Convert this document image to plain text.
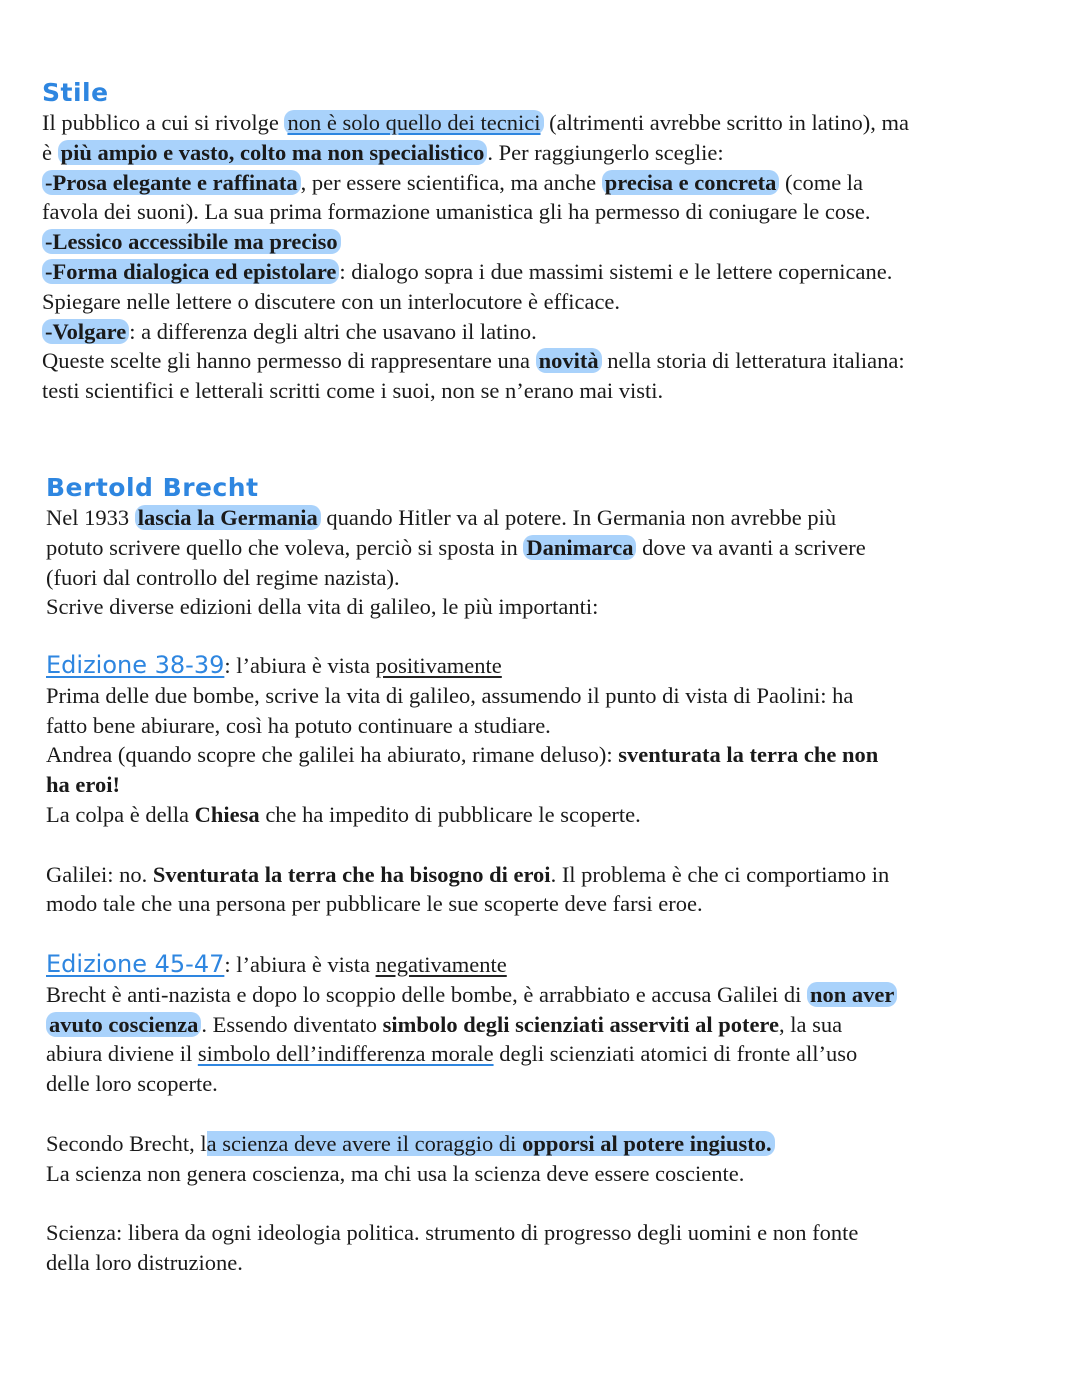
Stile

Il pubblico a cui si rivolge non è solo quello dei tecnici (altrimenti avrebbe scritto in latino), ma

è più ampio e vasto, colto ma non specialistico . Per raggiungerlo sceglie:

-Prosa elegante e raffinata , per essere scientifica, ma anche precisa e concreta (come la

favola dei suoni). La sua prima formazione umanistica gli ha permesso di coniugare le cose.

-Lessico accessibile ma preciso

-Forma dialogica ed epistolare : dialogo sopra i due massimi sistemi e le lettere copernicane.

Spiegare nelle lettere o discutere con un interlocutore è efficace.

-Volgare : a differenza degli altri che usavano il latino.

Queste scelte gli hanno permesso di rappresentare una novità nella storia di letteratura italiana:

testi scientifici e letterali scritti come i suoi, non se n’erano mai visti.

Bertold Brecht

Nel 1933 lascia la Germania quando Hitler va al potere. In Germania non avrebbe più

potuto scrivere quello che voleva, perciò si sposta in Danimarca dove va avanti a scrivere

(fuori dal controllo del regime nazista).

Scrive diverse edizioni della vita di galileo, le più importanti:

Edizione 38-39: l’abiura è vista positivamente

Prima delle due bombe, scrive la vita di galileo, assumendo il punto di vista di Paolini: ha

fatto bene abiurare, così ha potuto continuare a studiare.

Andrea (quando scopre che galilei ha abiurato, rimane deluso): sventurata la terra che non

ha eroi!

La colpa è della Chiesa che ha impedito di pubblicare le scoperte.

Galilei: no. Sventurata la terra che ha bisogno di eroi. Il problema è che ci comportiamo in

modo tale che una persona per pubblicare le sue scoperte deve farsi eroe.

Edizione 45-47: l’abiura è vista negativamente

Brecht è anti-nazista e dopo lo scoppio delle bombe, è arrabbiato e accusa Galilei di non aver

avuto coscienza . Essendo diventato simbolo degli scienziati asserviti al potere, la sua

abiura diviene il simbolo dell’indifferenza morale degli scienziati atomici di fronte all’uso

delle loro scoperte.

Secondo Brecht, la scienza deve avere il coraggio di opporsi al potere ingiusto.

La scienza non genera coscienza, ma chi usa la scienza deve essere cosciente.

Scienza: libera da ogni ideologia politica. strumento di progresso degli uomini e non fonte

della loro distruzione.
